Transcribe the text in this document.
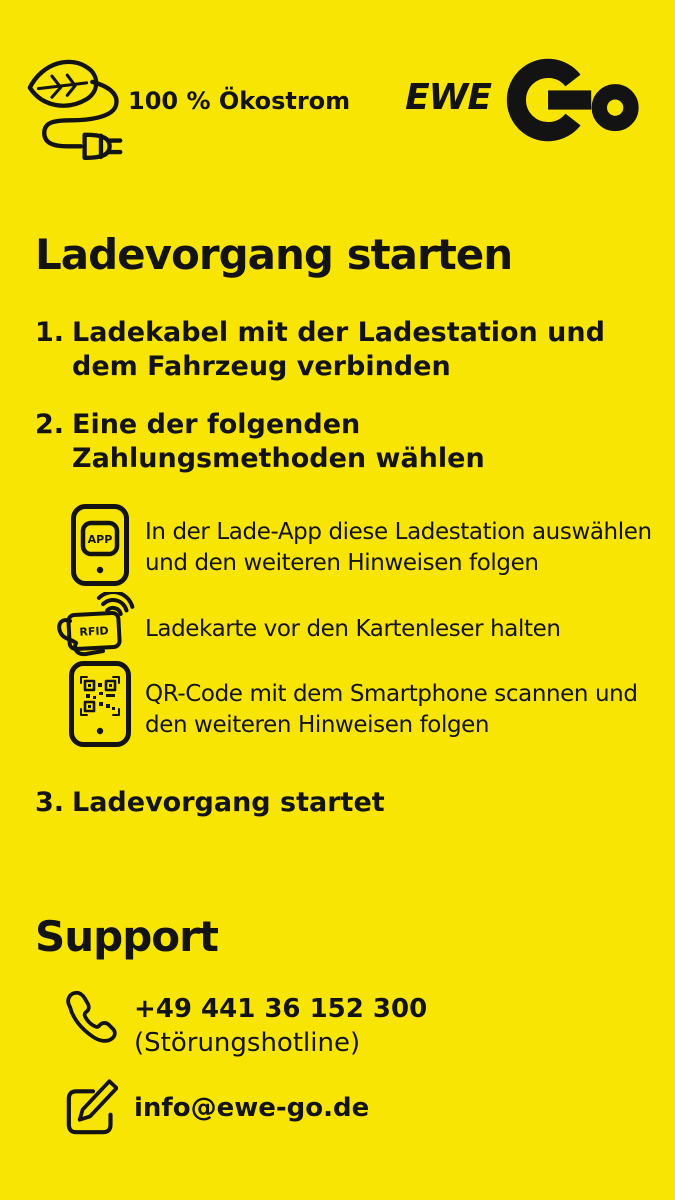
100 % Ökostrom EWE
Ladevorgang starten
1. Ladekabel mit der Ladestation und
dem Fahrzeug verbinden
2. Eine der folgenden
Zahlungsmethoden wählen
APP In der Lade-App diese Ladestation auswählen
und den weiteren Hinweisen folgen
RFID Ladekarte vor den Kartenleser halten
QR-Code mit dem Smartphone scannen und
den weiteren Hinweisen folgen
3. Ladevorgang startet
Support
+49 441 36 152 300
(Störungshotline)
info@ewe-go.de
